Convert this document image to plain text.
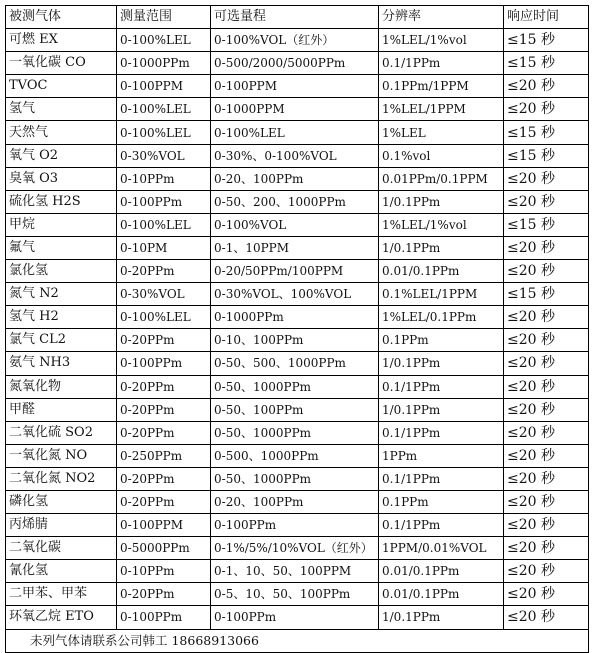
被测气体	测量范围	可选量程	分辨率	响应时间
可燃 EX	0-100%LEL	0-100%VOL（红外）	1%LEL/1%vol	≤15 秒
一氧化碳 CO	0-1000PPm	0-500/2000/5000PPm	0.1/1PPm	≤15 秒
TVOC	0-100PPM	0-100PPM	0.1PPm/1PPM	≤20 秒
氢气	0-100%LEL	0-1000PPM	1%LEL/1PPM	≤20 秒
天然气	0-100%LEL	0-100%LEL	1%LEL	≤15 秒
氧气 O2	0-30%VOL	0-30%、0-100%VOL	0.1%vol	≤15 秒
臭氧 O3	0-10PPm	0-20、100PPm	0.01PPm/0.1PPM	≤20 秒
硫化氢 H2S	0-100PPm	0-50、200、1000PPm	1/0.1PPm	≤20 秒
甲烷	0-100%LEL	0-100%VOL	1%LEL/1%vol	≤15 秒
氟气	0-10PM	0-1、10PPM	1/0.1PPm	≤20 秒
氯化氢	0-20PPm	0-20/50PPm/100PPM	0.01/0.1PPm	≤20 秒
氮气 N2	0-30%VOL	0-30%VOL、100%VOL	0.1%LEL/1PPM	≤15 秒
氢气 H2	0-100%LEL	0-1000PPm	1%LEL/0.1PPm	≤20 秒
氯气 CL2	0-20PPm	0-10、100PPm	0.1PPm	≤20 秒
氨气 NH3	0-100PPm	0-50、500、1000PPm	1/0.1PPm	≤20 秒
氮氧化物	0-20PPm	0-50、1000PPm	0.1/1PPm	≤20 秒
甲醛	0-20PPm	0-50、100PPm	1/0.1PPm	≤20 秒
二氧化硫 SO2	0-20PPm	0-50、1000PPm	0.1/1PPm	≤20 秒
一氧化氮 NO	0-250PPm	0-500、1000PPm	1PPm	≤20 秒
二氧化氮 NO2	0-20PPm	0-50、1000PPm	0.1/1PPm	≤20 秒
磷化氢	0-20PPm	0-20、100PPm	0.1PPm	≤20 秒
丙烯腈	0-100PPM	0-100PPm	0.1/1PPm	≤20 秒
二氧化碳	0-5000PPm	0-1%/5%/10%VOL（红外）	1PPM/0.01%VOL	≤20 秒
氰化氢	0-10PPm	0-1、10、50、100PPM	0.01/0.1PPm	≤20 秒
二甲苯、甲苯	0-20PPm	0-5、10、50、100PPm	0.01/0.1PPm	≤20 秒
环氧乙烷 ETO	0-100PPm	0-100PPm	1/0.1PPm	≤20 秒
未列气体请联系公司韩工 18668913066				
